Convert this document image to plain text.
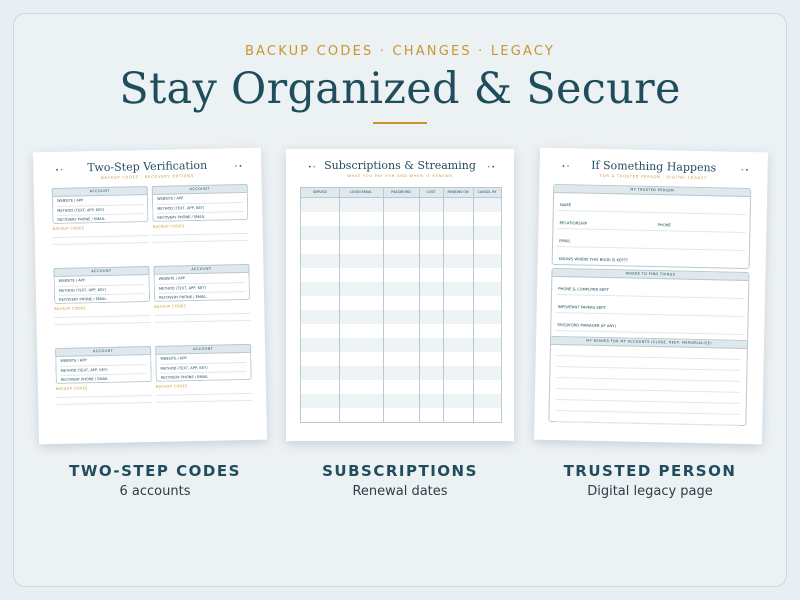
BACKUP CODES · CHANGES · LEGACY
Stay Organized & Secure
••
••
Two-Step Verification
BACKUP CODES · RECOVERY OPTIONS
ACCOUNT
WEBSITE / APP
METHOD (TEXT, APP, KEY)
RECOVERY PHONE / EMAIL
BACKUP CODES
ACCOUNT
WEBSITE / APP
METHOD (TEXT, APP, KEY)
RECOVERY PHONE / EMAIL
BACKUP CODES
ACCOUNT
WEBSITE / APP
METHOD (TEXT, APP, KEY)
RECOVERY PHONE / EMAIL
BACKUP CODES
ACCOUNT
WEBSITE / APP
METHOD (TEXT, APP, KEY)
RECOVERY PHONE / EMAIL
BACKUP CODES
ACCOUNT
WEBSITE / APP
METHOD (TEXT, APP, KEY)
RECOVERY PHONE / EMAIL
BACKUP CODES
ACCOUNT
WEBSITE / APP
METHOD (TEXT, APP, KEY)
RECOVERY PHONE / EMAIL
BACKUP CODES
· · ·
••	••
Subscriptions & Streaming
WHAT YOU PAY FOR AND WHEN IT RENEWS
SERVICE	LOGIN EMAIL	PASSWORD	COST	RENEWS ON	CANCEL BY
· · ·
••
••
If Something Happens
FOR A TRUSTED PERSON · DIGITAL LEGACY
MY TRUSTED PERSON
NAME
RELATIONSHIP	PHONE
EMAIL
KNOWS WHERE THIS BOOK IS KEPT?
WHERE TO FIND THINGS
PHONE & COMPUTER KEPT
IMPORTANT PAPERS KEPT
PASSWORD MANAGER (IF ANY)
MY WISHES FOR MY ACCOUNTS (CLOSE, KEEP, MEMORIALIZE)
· · ·
TWO-STEP CODES
6 accounts
SUBSCRIPTIONS
Renewal dates
TRUSTED PERSON
Digital legacy page
